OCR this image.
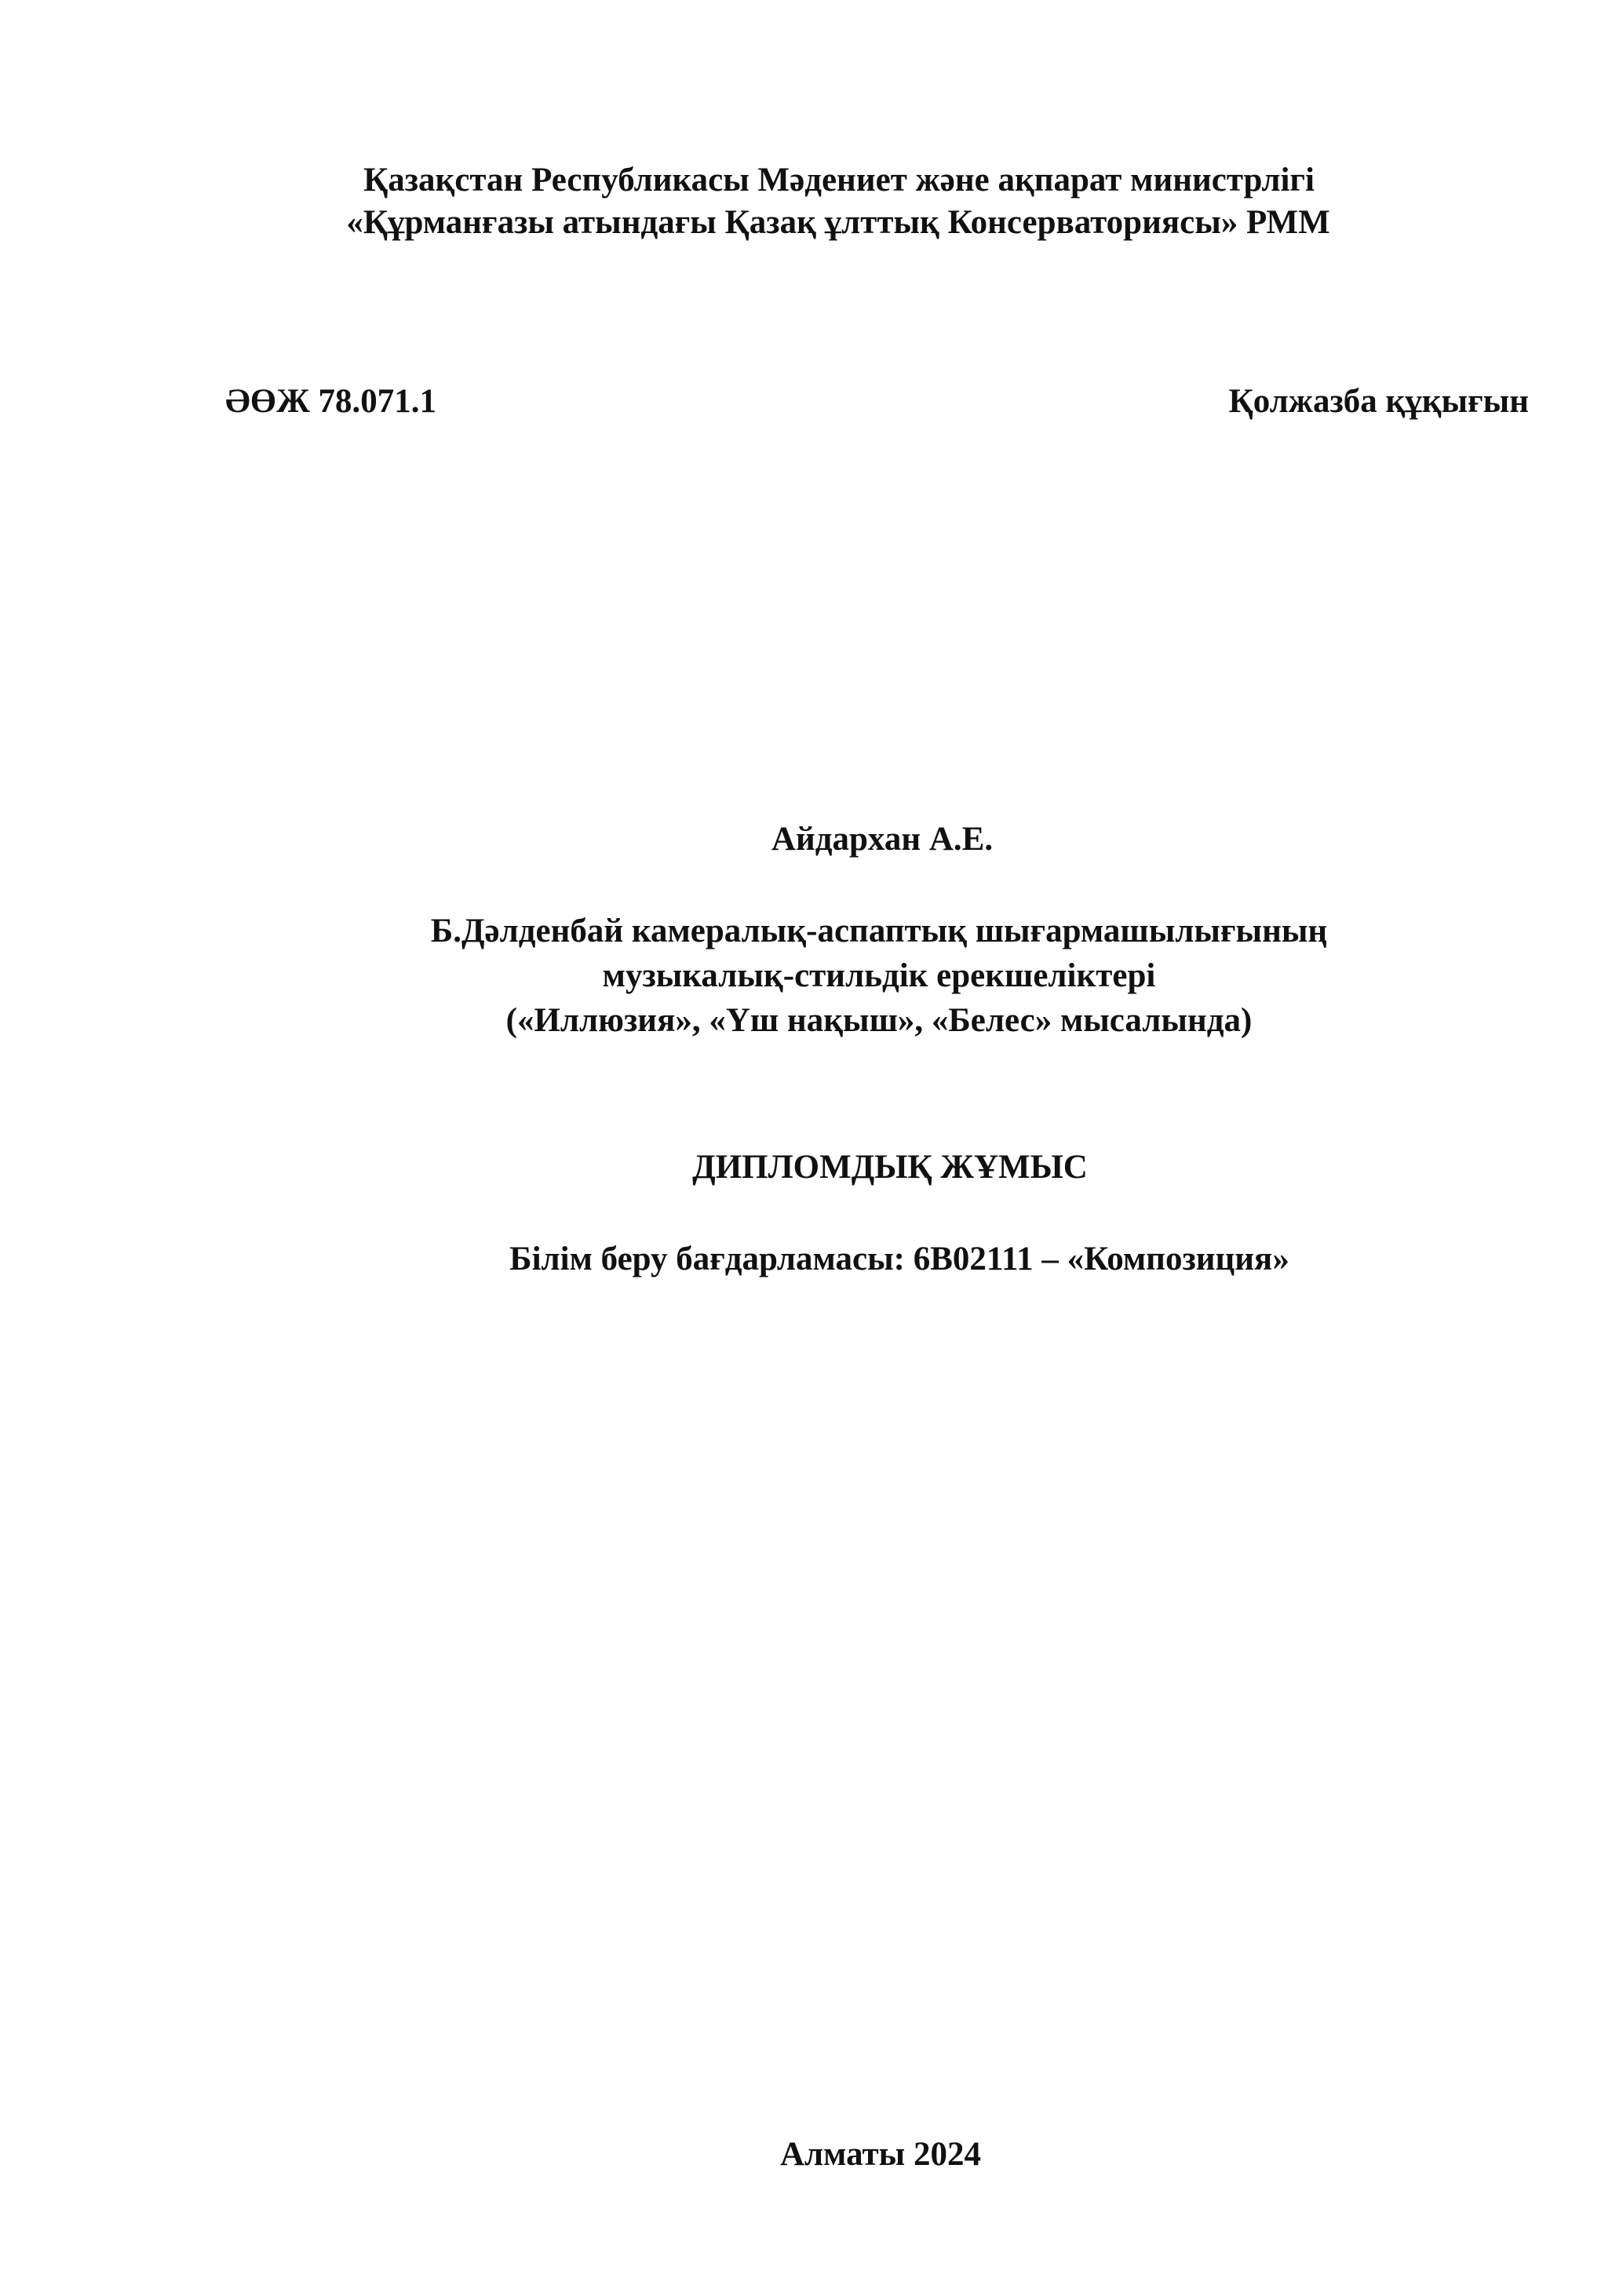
Қазақстан Республикасы Мәдениет және ақпарат министрлігі
«Құрманғазы атындағы Қазақ ұлттық Консерваториясы» РММ
ӘӨЖ 78.071.1	Қолжазба құқығын
Айдархан А.Е.
Б.Дәлденбай камералық-аспаптық шығармашылығының
музыкалық-стильдік ерекшеліктері
(«Иллюзия», «Үш нақыш», «Белес» мысалында)
ДИПЛОМДЫҚ ЖҰМЫС
Білім беру бағдарламасы: 6В02111 – «Композиция»
Алматы 2024
